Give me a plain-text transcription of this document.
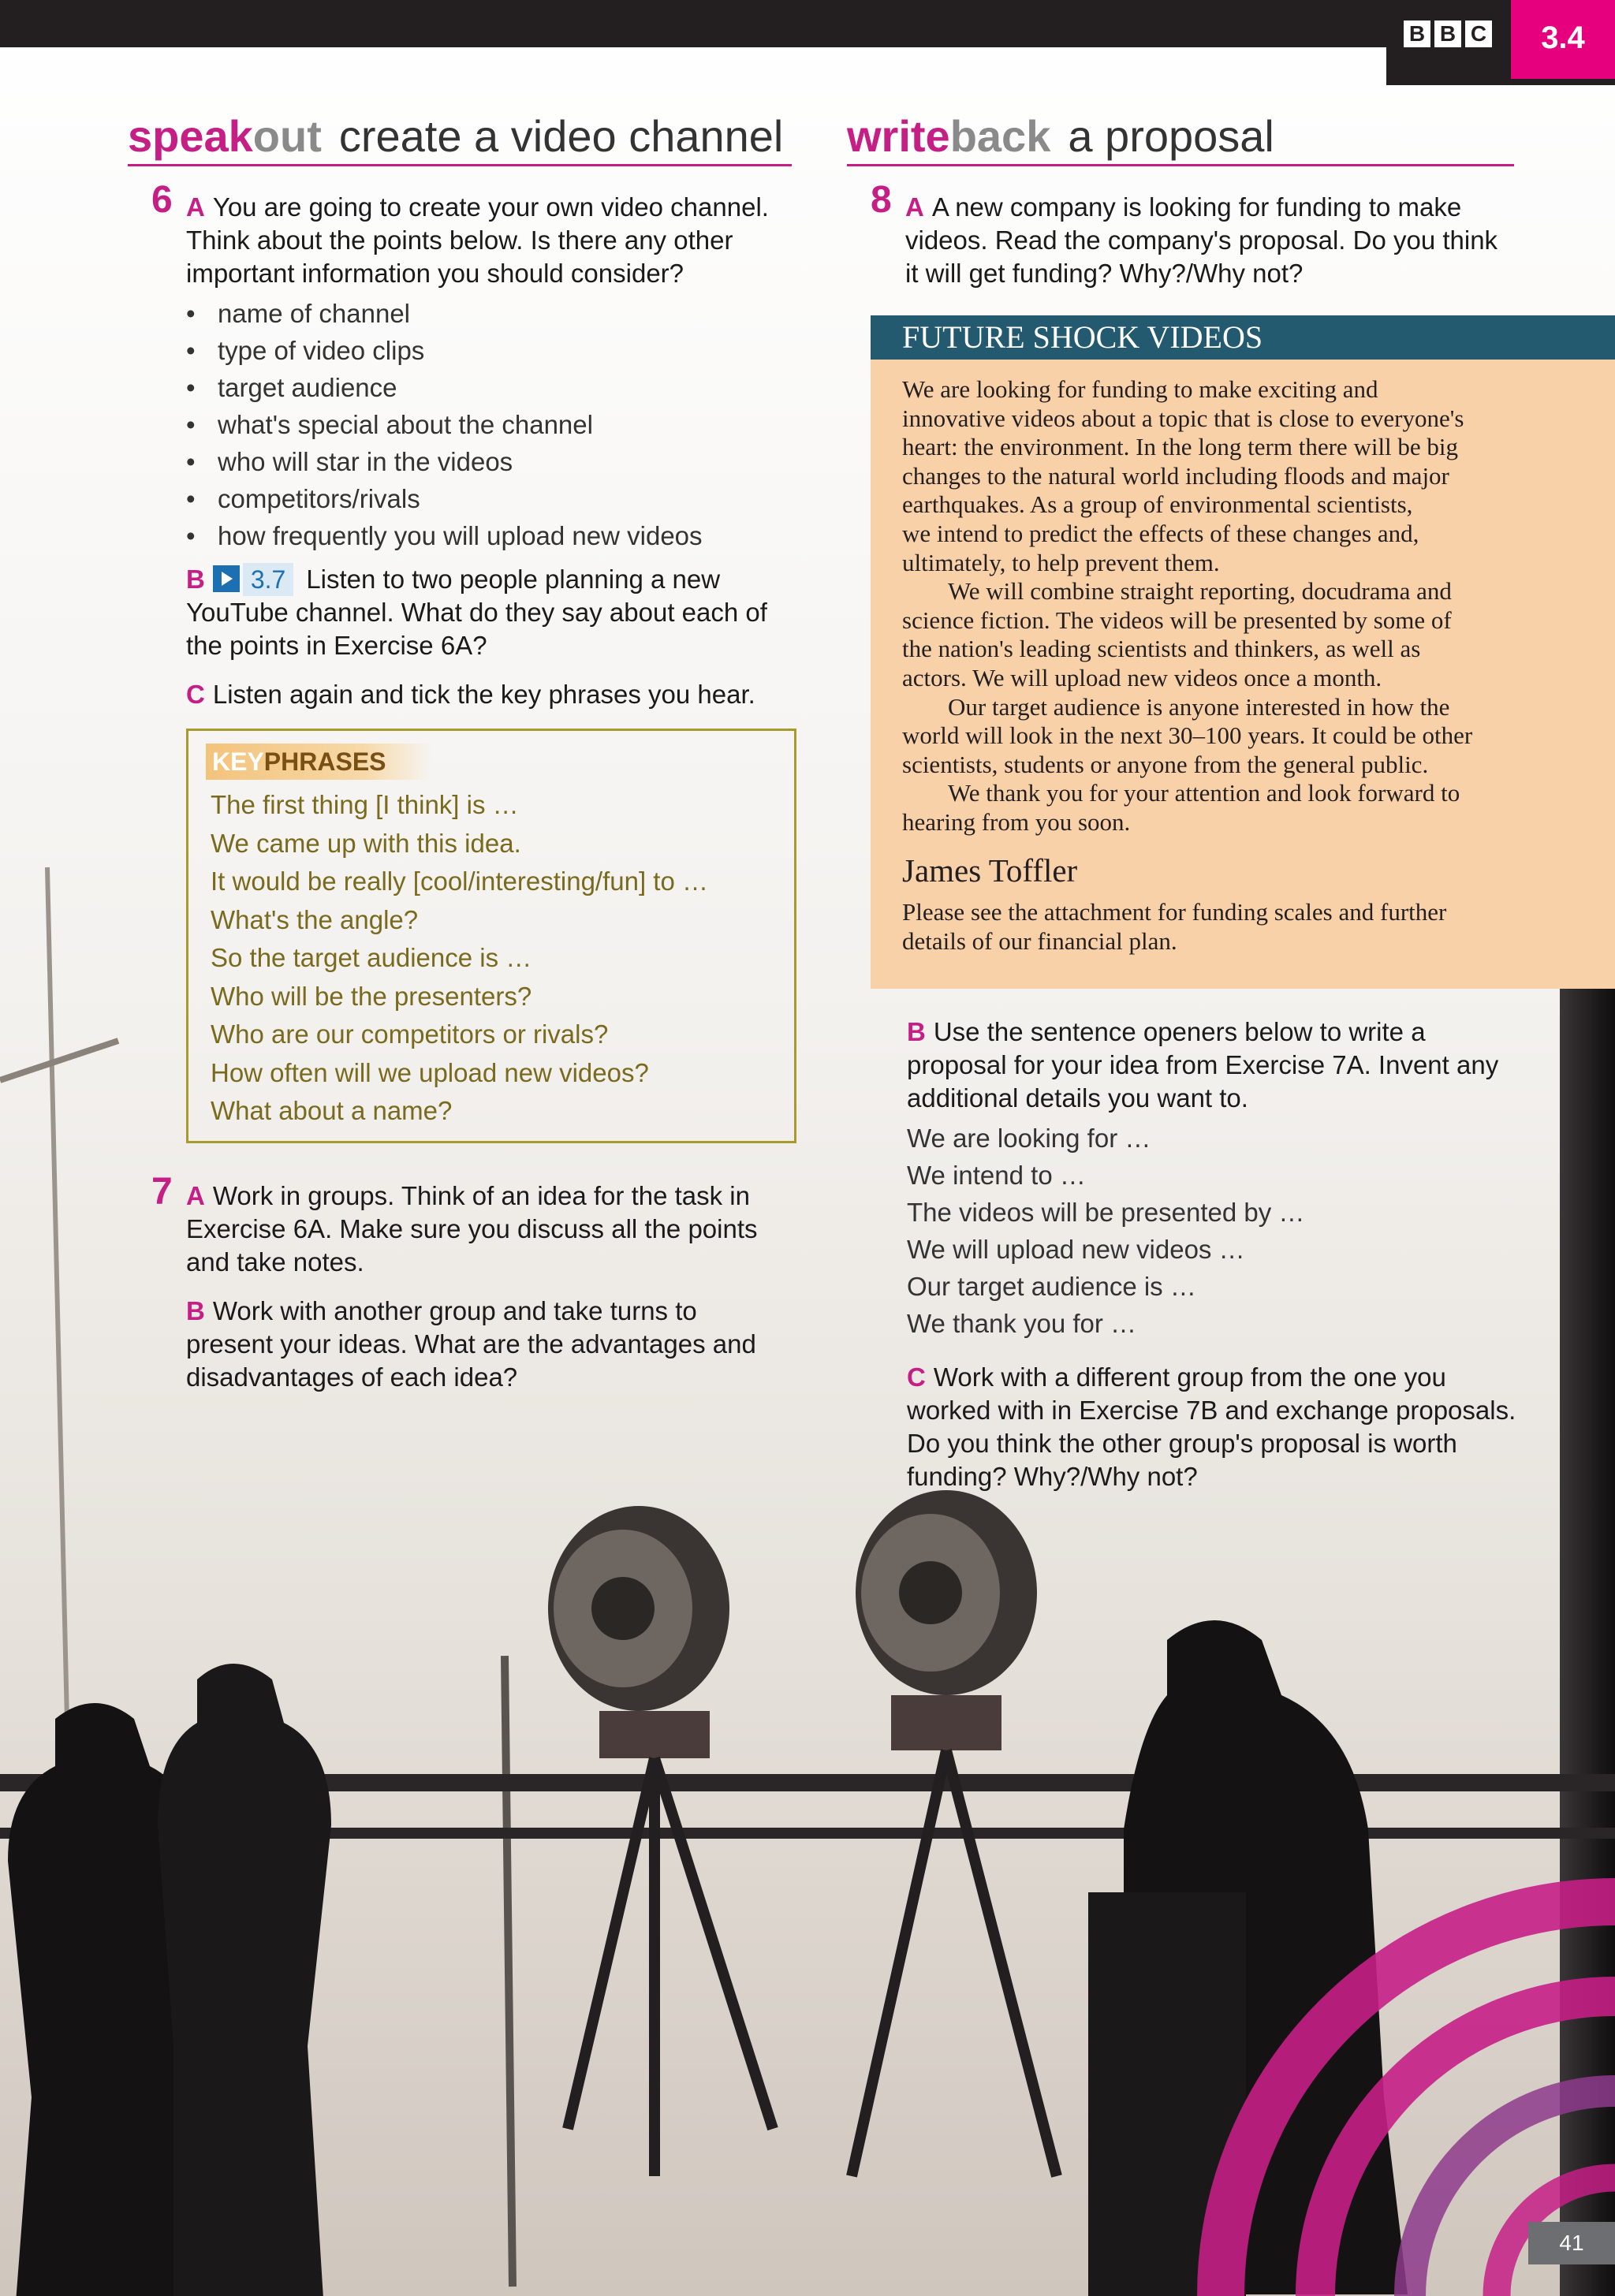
B B C	3.4
speakout create a video channel
6 A You are going to create your own video channel.
Think about the points below. Is there any other
important information you should consider?
• name of channel
• type of video clips
• target audience
• what's special about the channel
• who will star in the videos
• competitors/rivals
• how frequently you will upload new videos
B 3.7 Listen to two people planning a new
YouTube channel. What do they say about each of
the points in Exercise 6A?
C Listen again and tick the key phrases you hear.
KEYPHRASES
The first thing [I think] is …
We came up with this idea.
It would be really [cool/interesting/fun] to …
What's the angle?
So the target audience is …
Who will be the presenters?
Who are our competitors or rivals?
How often will we upload new videos?
What about a name?
7 A Work in groups. Think of an idea for the task in
Exercise 6A. Make sure you discuss all the points
and take notes.
B Work with another group and take turns to
present your ideas. What are the advantages and
disadvantages of each idea?
writeback a proposal
8 A A new company is looking for funding to make
videos. Read the company's proposal. Do you think
it will get funding? Why?/Why not?
FUTURE SHOCK VIDEOS

We are looking for funding to make exciting and
innovative videos about a topic that is close to everyone's
heart: the environment. In the long term there will be big
changes to the natural world including floods and major
earthquakes. As a group of environmental scientists,
we intend to predict the effects of these changes and,
ultimately, to help prevent them.

We will combine straight reporting, docudrama and
science fiction. The videos will be presented by some of
the nation's leading scientists and thinkers, as well as
actors. We will upload new videos once a month.

Our target audience is anyone interested in how the
world will look in the next 30–100 years. It could be other
scientists, students or anyone from the general public.

We thank you for your attention and look forward to
hearing from you soon.

James Toffler
Please see the attachment for funding scales and further
details of our financial plan.
B Use the sentence openers below to write a
proposal for your idea from Exercise 7A. Invent any
additional details you want to.
We are looking for …
We intend to …
The videos will be presented by …
We will upload new videos …
Our target audience is …
We thank you for …
C Work with a different group from the one you
worked with in Exercise 7B and exchange proposals.
Do you think the other group's proposal is worth
funding? Why?/Why not?
41
